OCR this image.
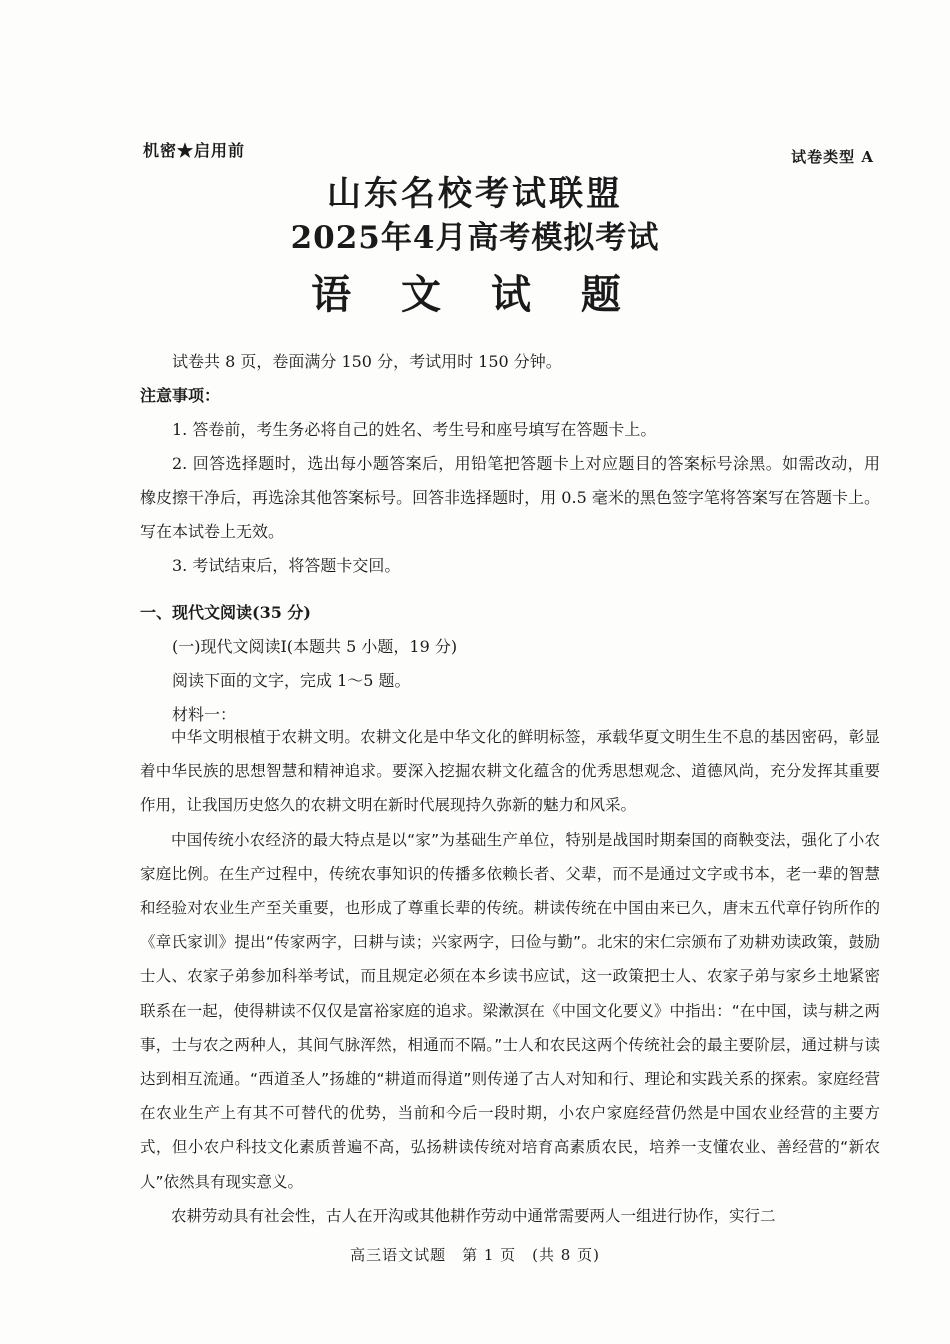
机密★启用前	试卷类型 A
山东名校考试联盟
2025年4月高考模拟考试
语 文 试 题

试卷共 8 页，卷面满分 150 分，考试用时 150 分钟。

注意事项：

1. 答卷前，考生务必将自己的姓名、考生号和座号填写在答题卡上。

2. 回答选择题时，选出每小题答案后，用铅笔把答题卡上对应题目的答案标号涂黑。如需改动，用橡皮擦干净后，再选涂其他答案标号。回答非选择题时，用 0.5 毫米的黑色签字笔将答案写在答题卡上。写在本试卷上无效。

3. 考试结束后，将答题卡交回。

一、现代文阅读(35 分)

(一)现代文阅读Ⅰ(本题共 5 小题，19 分)

阅读下面的文字，完成 1～5 题。

材料一：

中华文明根植于农耕文明。农耕文化是中华文化的鲜明标签，承载华夏文明生生不息的基因密码，彰显着中华民族的思想智慧和精神追求。要深入挖掘农耕文化蕴含的优秀思想观念、道德风尚，充分发挥其重要作用，让我国历史悠久的农耕文明在新时代展现持久弥新的魅力和风采。

中国传统小农经济的最大特点是以“家”为基础生产单位，特别是战国时期秦国的商鞅变法，强化了小农家庭比例。在生产过程中，传统农事知识的传播多依赖长者、父辈，而不是通过文字或书本，老一辈的智慧和经验对农业生产至关重要，也形成了尊重长辈的传统。耕读传统在中国由来已久，唐末五代章仔钧所作的《章氏家训》提出“传家两字，曰耕与读；兴家两字，曰俭与勤”。北宋的宋仁宗颁布了劝耕劝读政策，鼓励士人、农家子弟参加科举考试，而且规定必须在本乡读书应试，这一政策把士人、农家子弟与家乡土地紧密联系在一起，使得耕读不仅仅是富裕家庭的追求。梁漱溟在《中国文化要义》中指出：“在中国，读与耕之两事，士与农之两种人，其间气脉浑然，相通而不隔。”士人和农民这两个传统社会的最主要阶层，通过耕与读达到相互流通。“西道圣人”扬雄的“耕道而得道”则传递了古人对知和行、理论和实践关系的探索。家庭经营在农业生产上有其不可替代的优势，当前和今后一段时期，小农户家庭经营仍然是中国农业经营的主要方式，但小农户科技文化素质普遍不高，弘扬耕读传统对培育高素质农民，培养一支懂农业、善经营的“新农人”依然具有现实意义。

农耕劳动具有社会性，古人在开沟或其他耕作劳动中通常需要两人一组进行协作，实行二

高三语文试题　第 1 页　(共 8 页)
